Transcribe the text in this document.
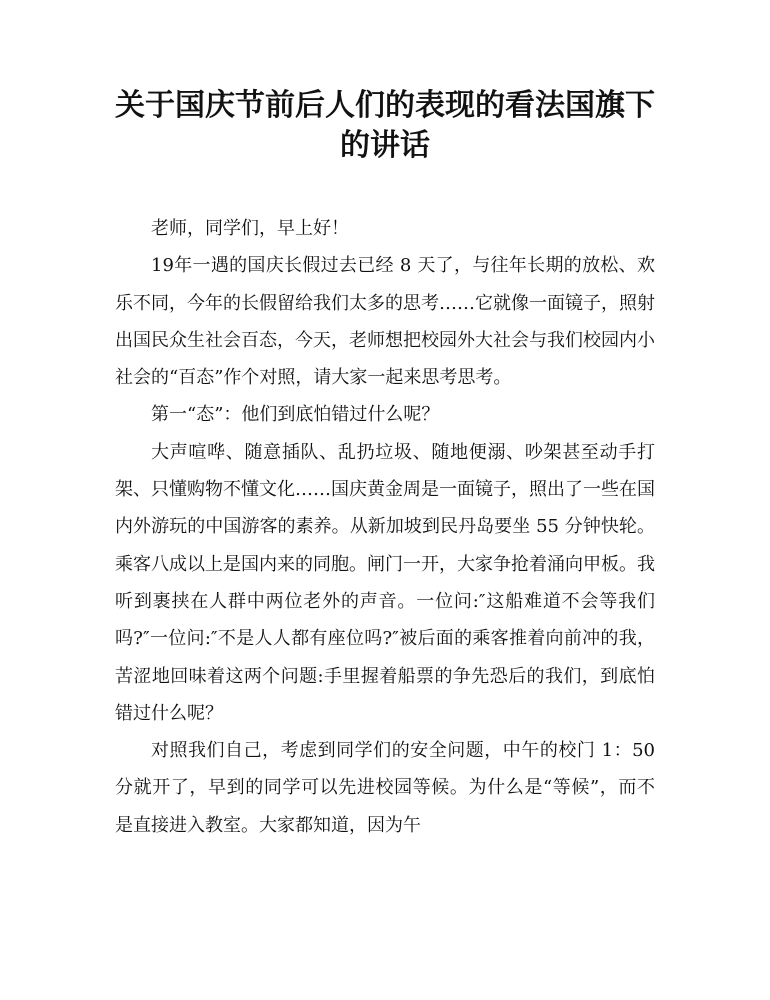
关于国庆节前后人们的表现的看法国旗下的讲话

老师，同学们，早上好！

19年一遇的国庆长假过去已经 8 天了，与往年长期的放松、欢乐不同，今年的长假留给我们太多的思考……它就像一面镜子，照射出国民众生社会百态，今天，老师想把校园外大社会与我们校园内小社会的“百态”作个对照，请大家一起来思考思考。

第一“态”：他们到底怕错过什么呢？

大声喧哗、随意插队、乱扔垃圾、随地便溺、吵架甚至动手打架、只懂购物不懂文化……国庆黄金周是一面镜子，照出了一些在国内外游玩的中国游客的素养。从新加坡到民丹岛要坐 55 分钟快轮。乘客八成以上是国内来的同胞。闸门一开，大家争抢着涌向甲板。我听到裹挟在人群中两位老外的声音。一位问:″这船难道不会等我们吗?″一位问:″不是人人都有座位吗?″被后面的乘客推着向前冲的我，苦涩地回味着这两个问题:手里握着船票的争先恐后的我们，到底怕错过什么呢？

对照我们自己，考虑到同学们的安全问题，中午的校门 1：50 分就开了，早到的同学可以先进校园等候。为什么是“等候”，而不是直接进入教室。大家都知道，因为午
